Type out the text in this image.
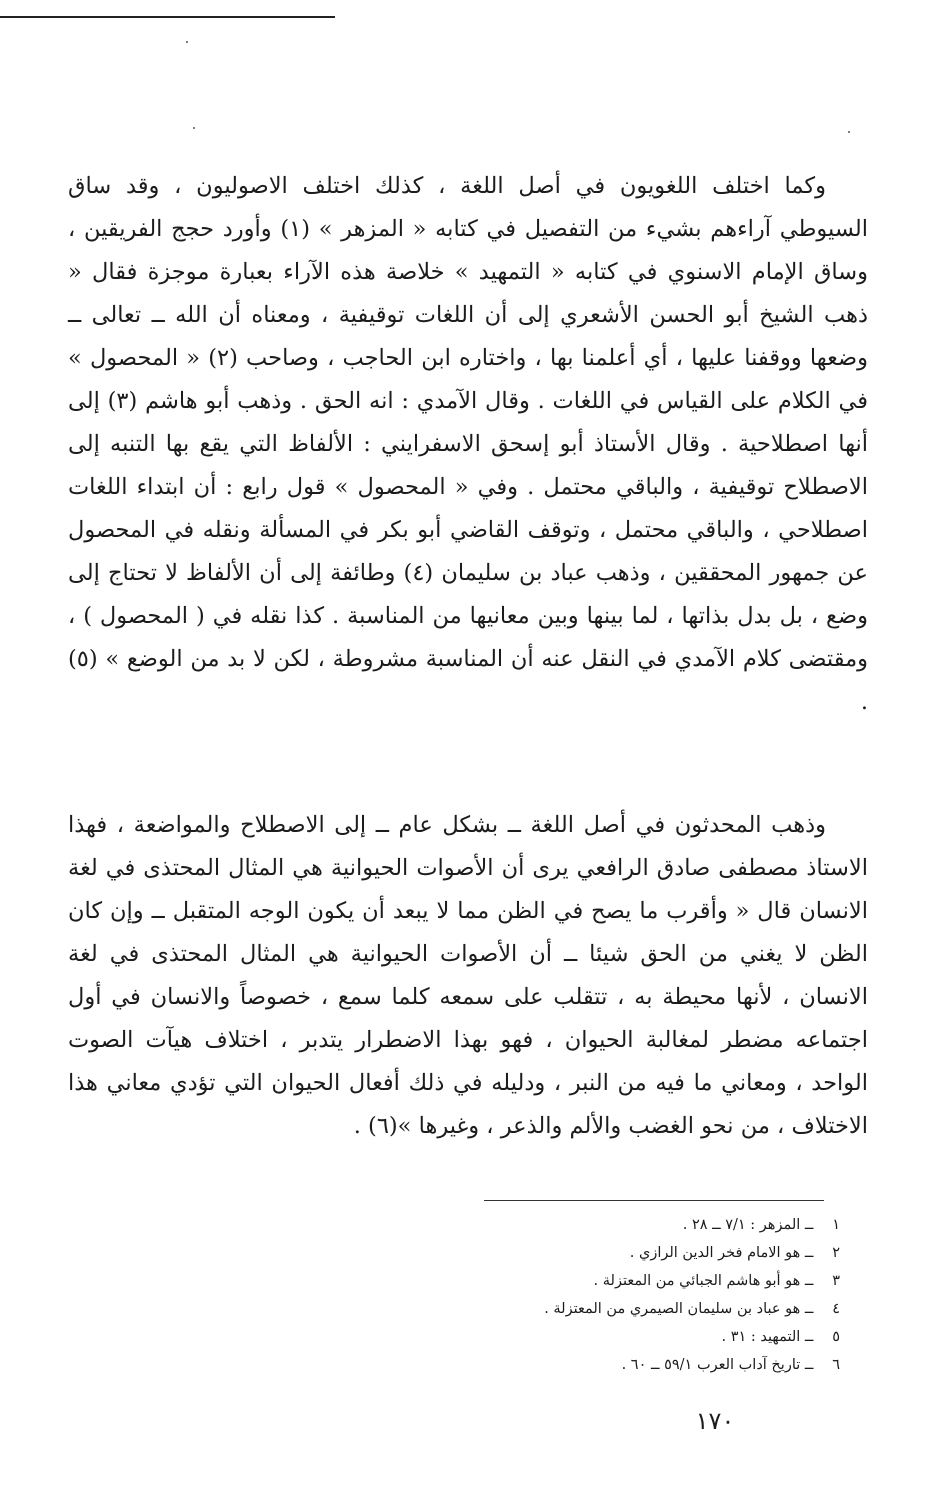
وكما اختلف اللغويون في أصل اللغة ، كذلك اختلف الاصوليون ، وقد ساق السيوطي آراءهم بشيء من التفصيل في كتابه « المزهر » (١) وأورد حجج الفريقين ، وساق الإمام الاسنوي في كتابه « التمهيد » خلاصة هذه الآراء بعبارة موجزة فقال « ذهب الشيخ أبو الحسن الأشعري إلى أن اللغات توقيفية ، ومعناه أن الله ــ تعالى ــ وضعها ووقفنا عليها ، أي أعلمنا بها ، واختاره ابن الحاجب ، وصاحب (٢) « المحصول » في الكلام على القياس في اللغات . وقال الآمدي : انه الحق . وذهب أبو هاشم (٣) إلى أنها اصطلاحية . وقال الأستاذ أبو إسحق الاسفرايني : الألفاظ التي يقع بها التنبه إلى الاصطلاح توقيفية ، والباقي محتمل . وفي « المحصول » قول رابع : أن ابتداء اللغات اصطلاحي ، والباقي محتمل ، وتوقف القاضي أبو بكر في المسألة ونقله في المحصول عن جمهور المحققين ، وذهب عباد بن سليمان (٤) وطائفة إلى أن الألفاظ لا تحتاج إلى وضع ، بل بدل بذاتها ، لما بينها وبين معانيها من المناسبة . كذا نقله في ( المحصول ) ، ومقتضى كلام الآمدي في النقل عنه أن المناسبة مشروطة ، لكن لا بد من الوضع » (٥) .

وذهب المحدثون في أصل اللغة ــ بشكل عام ــ إلى الاصطلاح والمواضعة ، فهذا الاستاذ مصطفى صادق الرافعي يرى أن الأصوات الحيوانية هي المثال المحتذى في لغة الانسان قال « وأقرب ما يصح في الظن مما لا يبعد أن يكون الوجه المتقبل ــ وإن كان الظن لا يغني من الحق شيئا ــ أن الأصوات الحيوانية هي المثال المحتذى في لغة الانسان ، لأنها محيطة به ، تتقلب على سمعه كلما سمع ، خصوصاً والانسان في أول اجتماعه مضطر لمغالبة الحيوان ، فهو بهذا الاضطرار يتدبر ، اختلاف هيآت الصوت الواحد ، ومعاني ما فيه من النبر ، ودليله في ذلك أفعال الحيوان التي تؤدي معاني هذا الاختلاف ، من نحو الغضب والألم والذعر ، وغيرها »(٦) .

١ ــ المزهر : ٧/١ ــ ٢٨ .
٢ ــ هو الامام فخر الدين الرازي .
٣ ــ هو أبو هاشم الجبائي من المعتزلة .
٤ ــ هو عباد بن سليمان الصيمري من المعتزلة .
٥ ــ التمهيد : ٣١ .
٦ ــ تاريخ آداب العرب ٥٩/١ ــ ٦٠ .
١٧٠
